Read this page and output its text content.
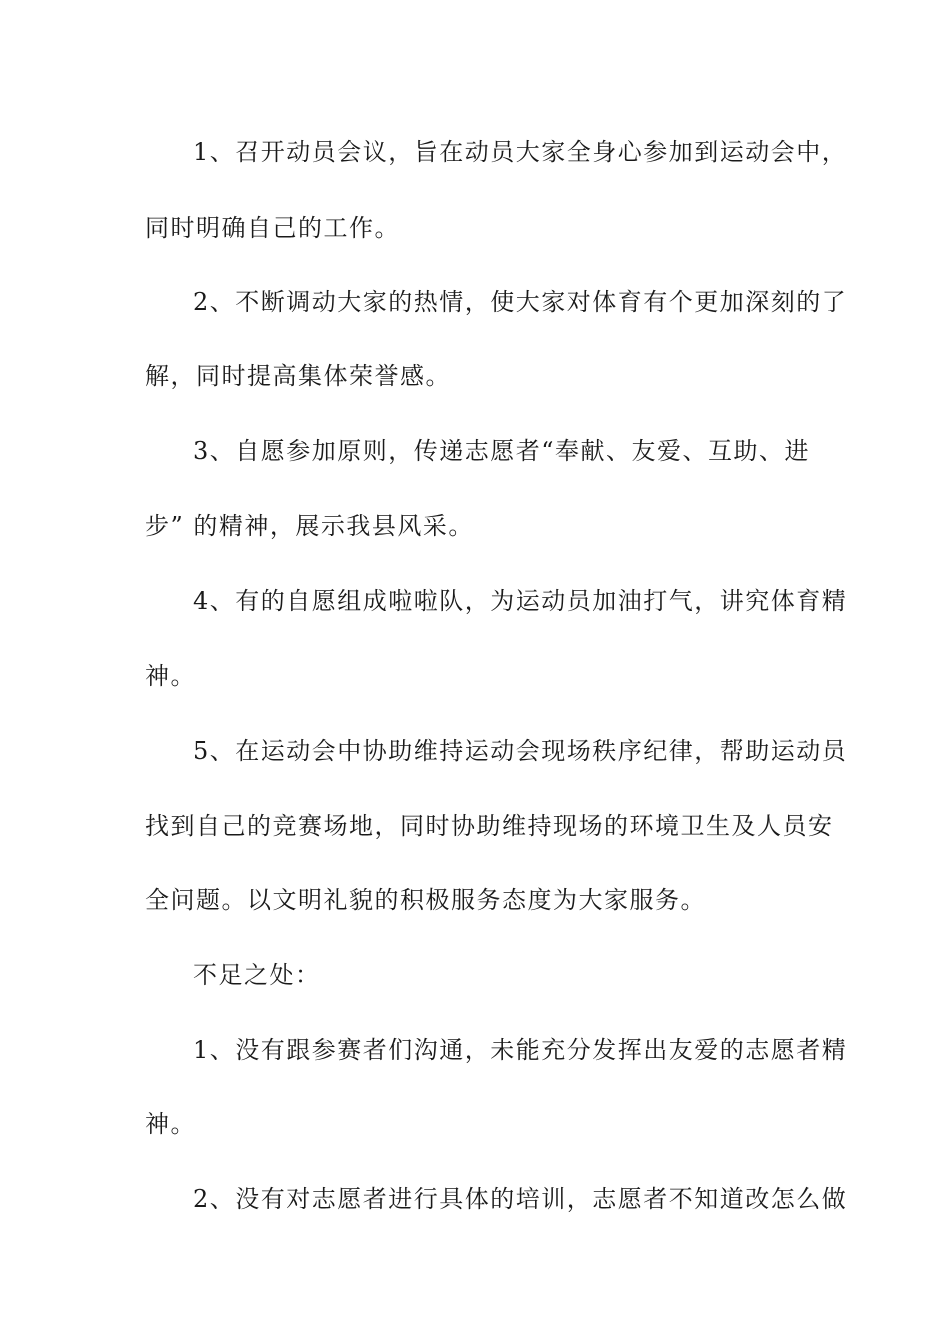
1、召开动员会议，旨在动员大家全身心参加到运动会中，
同时明确自己的工作。
2、不断调动大家的热情，使大家对体育有个更加深刻的了
解，同时提高集体荣誉感。
3、自愿参加原则，传递志愿者“奉献、友爱、互助、进
步” 的精神，展示我县风采。
4、有的自愿组成啦啦队，为运动员加油打气，讲究体育精
神。
5、在运动会中协助维持运动会现场秩序纪律，帮助运动员
找到自己的竞赛场地，同时协助维持现场的环境卫生及人员安
全问题。以文明礼貌的积极服务态度为大家服务。
不足之处：
1、没有跟参赛者们沟通，未能充分发挥出友爱的志愿者精
神。
2、没有对志愿者进行具体的培训，志愿者不知道改怎么做
